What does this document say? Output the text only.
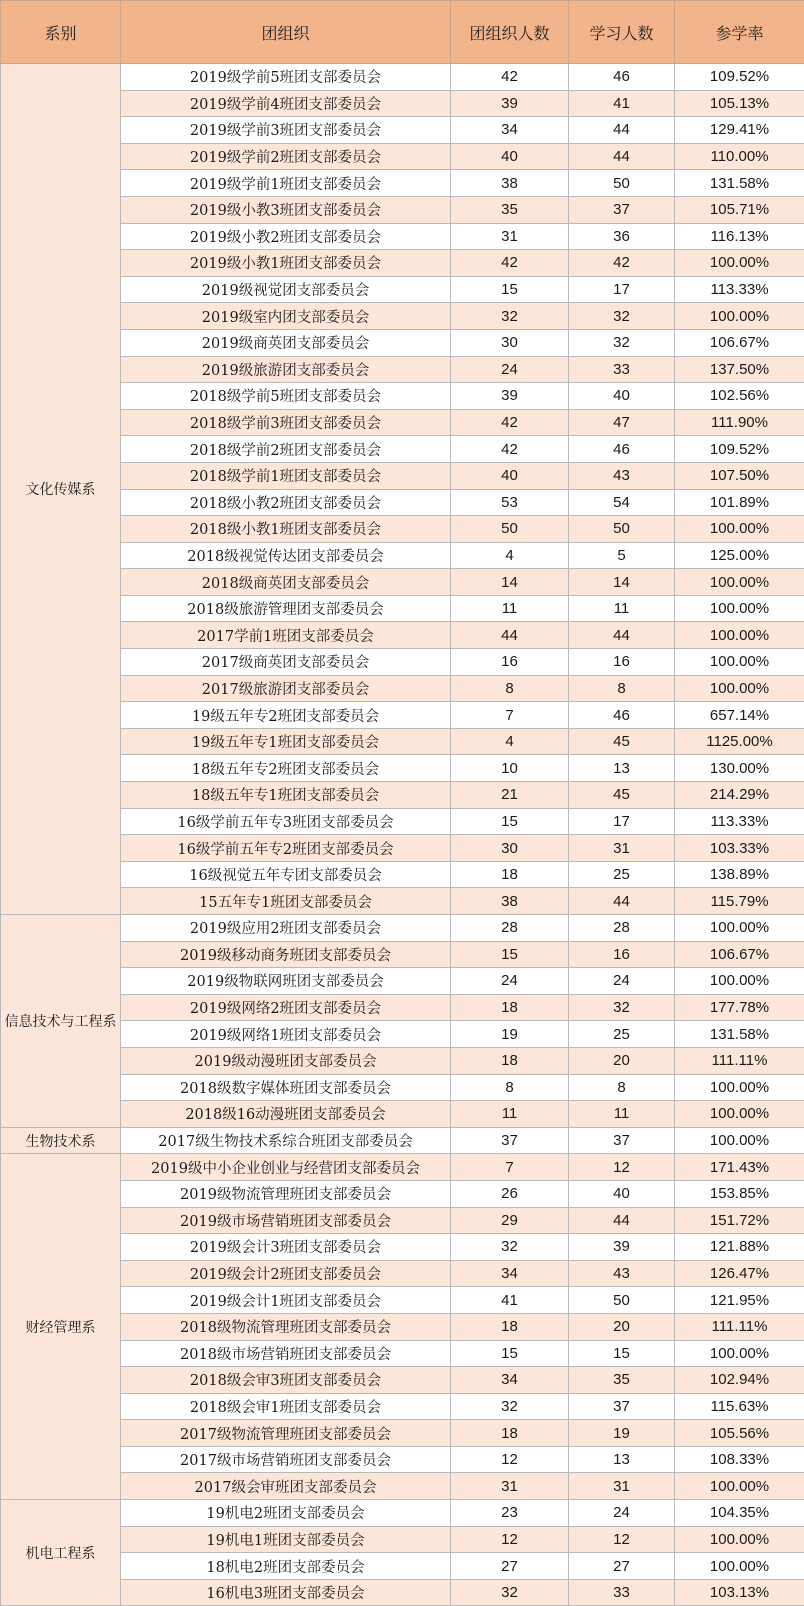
系别	团组织	团组织人数	学习人数	参学率
文化传媒系	2019级学前5班团支部委员会	42	46	109.52%
	2019级学前4班团支部委员会	39	41	105.13%
	2019级学前3班团支部委员会	34	44	129.41%
	2019级学前2班团支部委员会	40	44	110.00%
	2019级学前1班团支部委员会	38	50	131.58%
	2019级小教3班团支部委员会	35	37	105.71%
	2019级小教2班团支部委员会	31	36	116.13%
	2019级小教1班团支部委员会	42	42	100.00%
	2019级视觉团支部委员会	15	17	113.33%
	2019级室内团支部委员会	32	32	100.00%
	2019级商英团支部委员会	30	32	106.67%
	2019级旅游团支部委员会	24	33	137.50%
	2018级学前5班团支部委员会	39	40	102.56%
	2018级学前3班团支部委员会	42	47	111.90%
	2018级学前2班团支部委员会	42	46	109.52%
	2018级学前1班团支部委员会	40	43	107.50%
	2018级小教2班团支部委员会	53	54	101.89%
	2018级小教1班团支部委员会	50	50	100.00%
	2018级视觉传达团支部委员会	4	5	125.00%
	2018级商英团支部委员会	14	14	100.00%
	2018级旅游管理团支部委员会	11	11	100.00%
	2017学前1班团支部委员会	44	44	100.00%
	2017级商英团支部委员会	16	16	100.00%
	2017级旅游团支部委员会	8	8	100.00%
	19级五年专2班团支部委员会	7	46	657.14%
	19级五年专1班团支部委员会	4	45	1125.00%
	18级五年专2班团支部委员会	10	13	130.00%
	18级五年专1班团支部委员会	21	45	214.29%
	16级学前五年专3班团支部委员会	15	17	113.33%
	16级学前五年专2班团支部委员会	30	31	103.33%
	16级视觉五年专团支部委员会	18	25	138.89%
	15五年专1班团支部委员会	38	44	115.79%
信息技术与工程系	2019级应用2班团支部委员会	28	28	100.00%
	2019级移动商务班团支部委员会	15	16	106.67%
	2019级物联网班团支部委员会	24	24	100.00%
	2019级网络2班团支部委员会	18	32	177.78%
	2019级网络1班团支部委员会	19	25	131.58%
	2019级动漫班团支部委员会	18	20	111.11%
	2018级数字媒体班团支部委员会	8	8	100.00%
	2018级16动漫班团支部委员会	11	11	100.00%
生物技术系	2017级生物技术系综合班团支部委员会	37	37	100.00%
财经管理系	2019级中小企业创业与经营团支部委员会	7	12	171.43%
	2019级物流管理班团支部委员会	26	40	153.85%
	2019级市场营销班团支部委员会	29	44	151.72%
	2019级会计3班团支部委员会	32	39	121.88%
	2019级会计2班团支部委员会	34	43	126.47%
	2019级会计1班团支部委员会	41	50	121.95%
	2018级物流管理班团支部委员会	18	20	111.11%
	2018级市场营销班团支部委员会	15	15	100.00%
	2018级会审3班团支部委员会	34	35	102.94%
	2018级会审1班团支部委员会	32	37	115.63%
	2017级物流管理班团支部委员会	18	19	105.56%
	2017级市场营销班团支部委员会	12	13	108.33%
	2017级会审班团支部委员会	31	31	100.00%
机电工程系	19机电2班团支部委员会	23	24	104.35%
	19机电1班团支部委员会	12	12	100.00%
	18机电2班团支部委员会	27	27	100.00%
	16机电3班团支部委员会	32	33	103.13%
